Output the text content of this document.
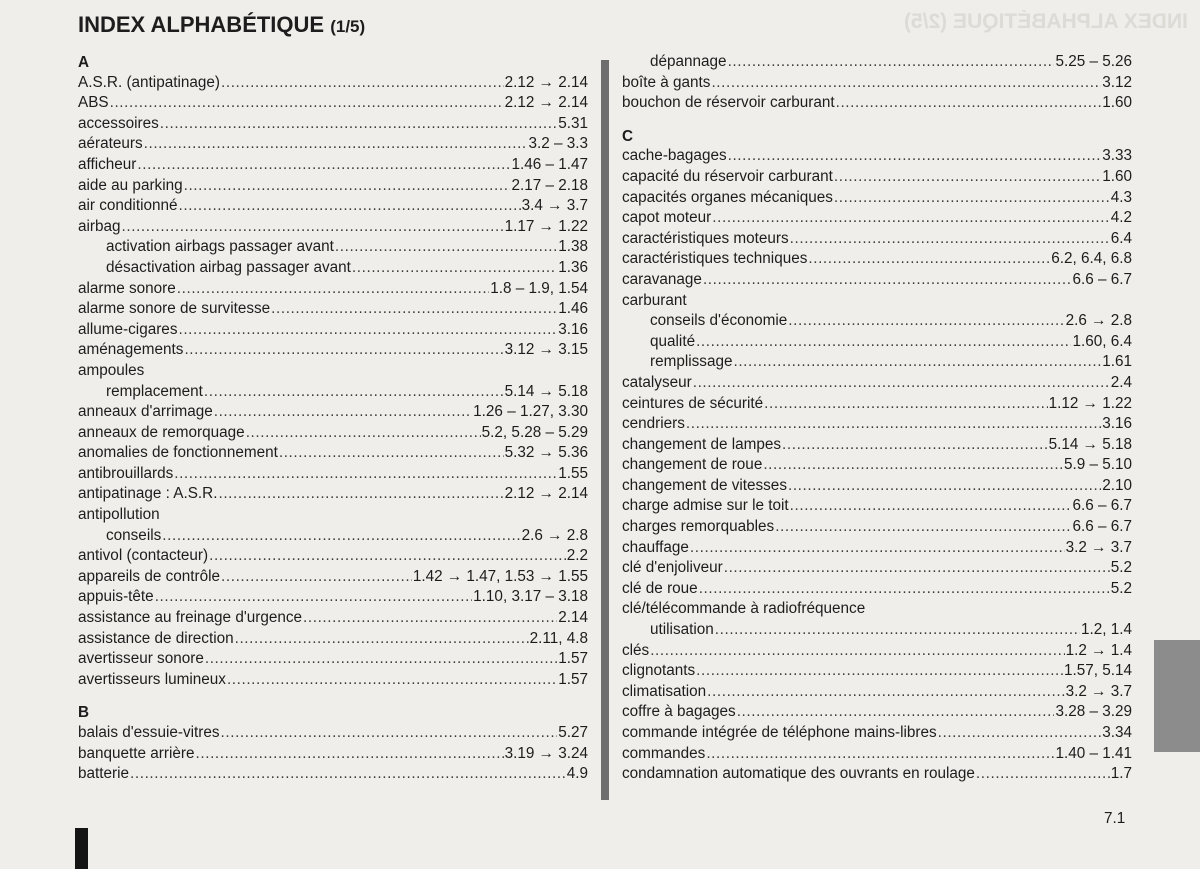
INDEX ALPHABÉTIQUE (2/5)
INDEX ALPHABÉTIQUE (1/5)
A
A.S.R. (antipatinage) .....	2.12 → 2.14
ABS .....	2.12 → 2.14
accessoires .....	5.31
aérateurs .....	3.2 – 3.3
afficheur .....	1.46 – 1.47
aide au parking .....	2.17 – 2.18
air conditionné .....	3.4 → 3.7
airbag .....	1.17 → 1.22
activation airbags passager avant .....	1.38
désactivation airbag passager avant .....	1.36
alarme sonore .....	1.8 – 1.9, 1.54
alarme sonore de survitesse .....	1.46
allume-cigares .....	3.16
aménagements .....	3.12 → 3.15
ampoules
remplacement .....	5.14 → 5.18
anneaux d'arrimage .....	1.26 – 1.27, 3.30
anneaux de remorquage .....	5.2, 5.28 – 5.29
anomalies de fonctionnement .....	5.32 → 5.36
antibrouillards .....	1.55
antipatinage : A.S.R. .....	2.12 → 2.14
antipollution
conseils .....	2.6 → 2.8
antivol (contacteur) .....	2.2
appareils de contrôle .....	1.42 → 1.47, 1.53 → 1.55
appuis-tête .....	1.10, 3.17 – 3.18
assistance au freinage d'urgence .....	2.14
assistance de direction .....	2.11, 4.8
avertisseur sonore .....	1.57
avertisseurs lumineux .....	1.57
B
balais d'essuie-vitres .....	5.27
banquette arrière .....	3.19 → 3.24
batterie .....	4.9
dépannage .....	5.25 – 5.26
boîte à gants .....	3.12
bouchon de réservoir carburant .....	1.60
C
cache-bagages .....	3.33
capacité du réservoir carburant .....	1.60
capacités organes mécaniques .....	4.3
capot moteur .....	4.2
caractéristiques moteurs .....	6.4
caractéristiques techniques .....	6.2, 6.4, 6.8
caravanage .....	6.6 – 6.7
carburant
conseils d'économie .....	2.6 → 2.8
qualité .....	1.60, 6.4
remplissage .....	1.61
catalyseur .....	2.4
ceintures de sécurité .....	1.12 → 1.22
cendriers .....	3.16
changement de lampes .....	5.14 → 5.18
changement de roue .....	5.9 – 5.10
changement de vitesses .....	2.10
charge admise sur le toit .....	6.6 – 6.7
charges remorquables .....	6.6 – 6.7
chauffage .....	3.2 → 3.7
clé d'enjoliveur .....	5.2
clé de roue .....	5.2
clé/télécommande à radiofréquence
utilisation .....	1.2, 1.4
clés .....	1.2 → 1.4
clignotants .....	1.57, 5.14
climatisation .....	3.2 → 3.7
coffre à bagages .....	3.28 – 3.29
commande intégrée de téléphone mains-libres .....	3.34
commandes .....	1.40 – 1.41
condamnation automatique des ouvrants en roulage .....	1.7
7.1
